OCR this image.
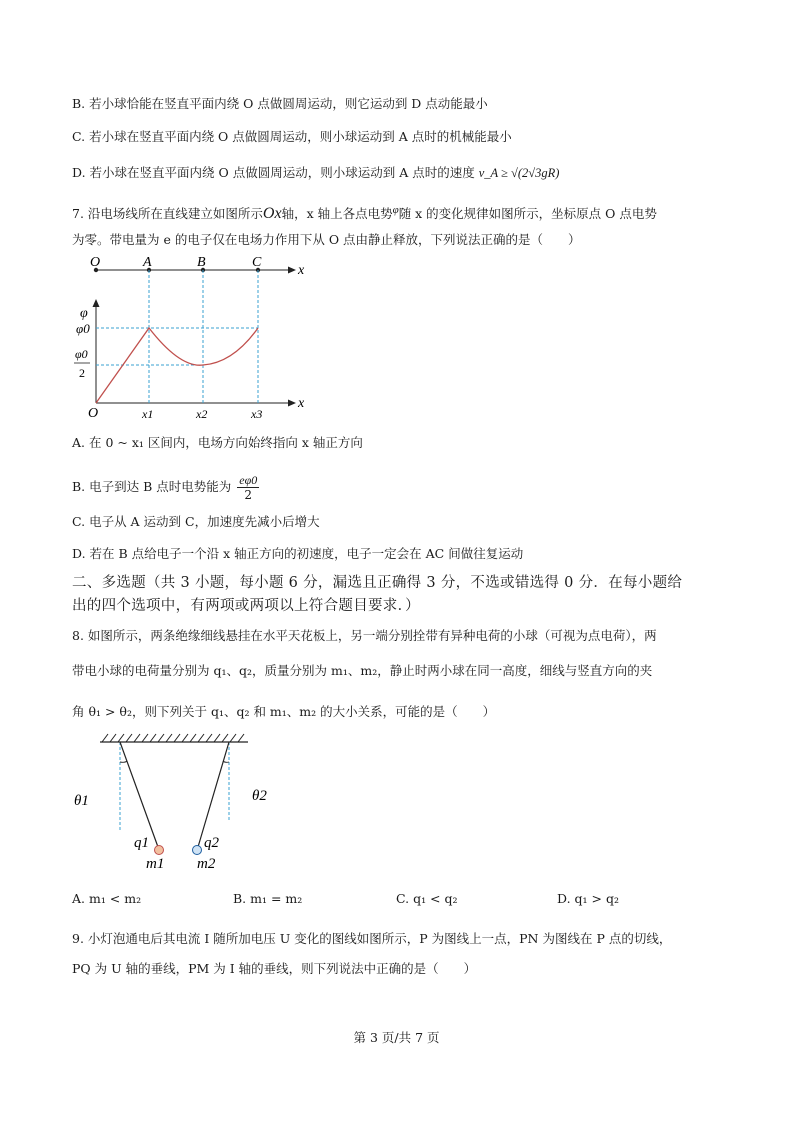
B. 若小球恰能在竖直平面内绕 O 点做圆周运动，则它运动到 D 点动能最小
C. 若小球在竖直平面内绕 O 点做圆周运动，则小球运动到 A 点时的机械能最小
D. 若小球在竖直平面内绕 O 点做圆周运动，则小球运动到 A 点时的速度 v_A ≥ √(2√3gR)
7. 沿电场线所在直线建立如图所示Ox轴，x 轴上各点电势φ随 x 的变化规律如图所示，坐标原点 O 点电势
为零。带电量为 e 的电子仅在电场力作用下从 O 点由静止释放，下列说法正确的是（　　）
O	A	B	C
x
x
φ
O
φ0
φ0
2
x1	x2	x3
A. 在 0 ~ x₁ 区间内，电场方向始终指向 x 轴正方向
B. 电子到达 B 点时电势能为 $\frac{e\varphi 0}{2}$
C. 电子从 A 运动到 C，加速度先减小后增大
D. 若在 B 点给电子一个沿 x 轴正方向的初速度，电子一定会在 AC 间做往复运动
二、多选题（共 3 小题，每小题 6 分，漏选且正确得 3 分，不选或错选得 0 分．在每小题给
出的四个选项中，有两项或两项以上符合题目要求．）
8. 如图所示，两条绝缘细线悬挂在水平天花板上，另一端分别拴带有异种电荷的小球（可视为点电荷），两
带电小球的电荷量分别为 q₁、q₂，质量分别为 m₁、m₂，静止时两小球在同一高度，细线与竖直方向的夹
角 θ₁ > θ₂，则下列关于 q₁、q₂ 和 m₁、m₂ 的大小关系，可能的是（　　）
θ1	θ2
q1
m1
q2
m2
A. m₁ < m₂	B. m₁ = m₂	C. q₁ < q₂	D. q₁ > q₂
9. 小灯泡通电后其电流 I 随所加电压 U 变化的图线如图所示，P 为图线上一点，PN 为图线在 P 点的切线，
PQ 为 U 轴的垂线，PM 为 I 轴的垂线，则下列说法中正确的是（　　）
第 3 页/共 7 页
